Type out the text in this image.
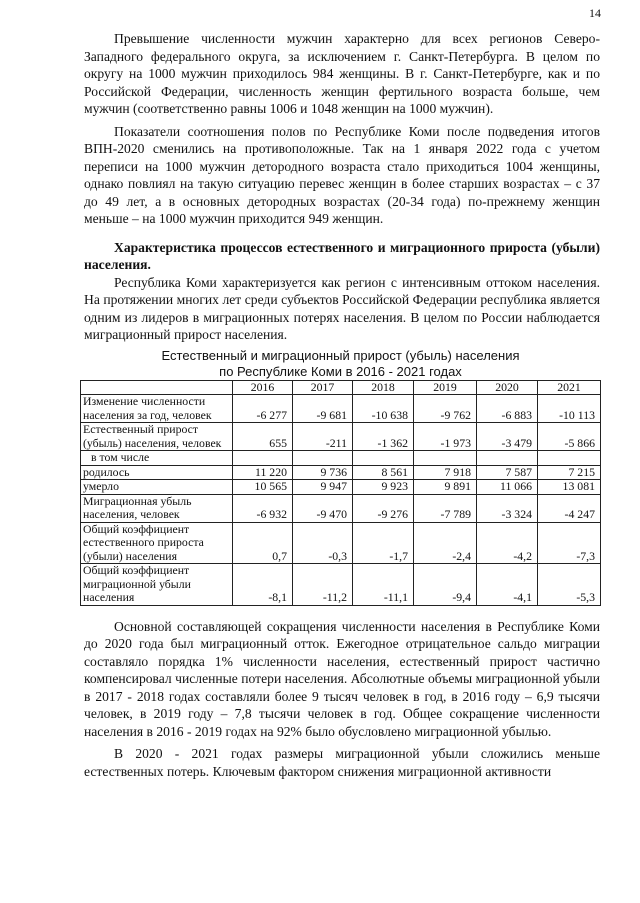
14

Превышение численности мужчин характерно для всех регионов Северо-Западного федерального округа, за исключением г. Санкт-Петербурга. В целом по округу на 1000 мужчин приходилось 984 женщины. В г. Санкт-Петербурге, как и по Российской Федерации, численность женщин фертильного возраста больше, чем мужчин (соответственно равны 1006 и 1048 женщин на 1000 мужчин).

Показатели соотношения полов по Республике Коми после подведения итогов ВПН-2020 сменились на противоположные. Так на 1 января 2022 года с учетом переписи на 1000 мужчин детородного возраста стало приходиться 1004 женщины, однако повлиял на такую ситуацию перевес женщин в более старших возрастах – с 37 до 49 лет, а в основных детородных возрастах (20-34 года) по-прежнему женщин меньше – на 1000 мужчин приходится 949 женщин.

Характеристика процессов естественного и миграционного прироста (убыли) населения.

Республика Коми характеризуется как регион с интенсивным оттоком населения. На протяжении многих лет среди субъектов Российской Федерации республика является одним из лидеров в миграционных потерях населения. В целом по России наблюдается миграционный прирост населения.

Естественный и миграционный прирост (убыль) населения
по Республике Коми в 2016 - 2021 годах
	2016	2017	2018	2019	2020	2021
Изменение численности населения за год, человек	-6 277	-9 681	-10 638	-9 762	-6 883	-10 113
Естественный прирост (убыль) населения, человек	655	-211	-1 362	-1 973	-3 479	-5 866
в том числе						
родилось	11 220	9 736	8 561	7 918	7 587	7 215
умерло	10 565	9 947	9 923	9 891	11 066	13 081
Миграционная убыль населения, человек	-6 932	-9 470	-9 276	-7 789	-3 324	-4 247
Общий коэффициент естественного прироста (убыли) населения	0,7	-0,3	-1,7	-2,4	-4,2	-7,3
Общий коэффициент миграционной убыли населения	-8,1	-11,2	-11,1	-9,4	-4,1	-5,3

Основной составляющей сокращения численности населения в Республике Коми до 2020 года был миграционный отток. Ежегодное отрицательное сальдо миграции составляло порядка 1% численности населения, естественный прирост частично компенсировал численные потери населения. Абсолютные объемы миграционной убыли в 2017 - 2018 годах составляли более 9 тысяч человек в год, в 2016 году – 6,9 тысячи человек, в 2019 году – 7,8 тысячи человек в год. Общее сокращение численности населения в 2016 - 2019 годах на 92% было обусловлено миграционной убылью.

В 2020 - 2021 годах размеры миграционной убыли сложились меньше естественных потерь. Ключевым фактором снижения миграционной активности
